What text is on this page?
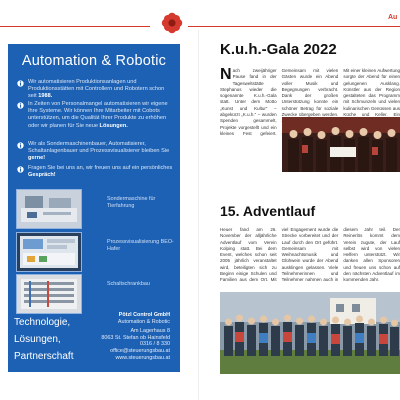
Au
Automation & Robotic
Wir automatisieren Produktionsanlagen und Produktionsstätten mit Controllern und Robotern schon seit 1988.
In Zeiten von Personalmangel automatisieren wir eigene Ihre Systeme. Wir können Ihre Mitarbeiter mit Cobots unterstützen, um die Qualität Ihrer Produkte zu erhöhen oder wir planen für Sie neue Lösungen.
Wir als Sondermaschinenbauer, Automatisierer, Schaltanlagenbauer und Prozessvisualisierer bleiben Sie gerne!
Fragen Sie bei uns an, wir freuen uns auf ein persönliches Gespräch!
Sondermaschine für Tierfahrung
Prozessvisualisierung BEO-Hafer
Schaltschrankbau
Technologie,
Lösungen,
Partnerschaft
Pötzl Control GmbH
Automation & Robotic
Am Lagerhaus 8
8063 St. Stefan ob Hainsfeld
0316 / 8 330
office@steuerungsbau.at
www.steuerungsbau.at
K.u.h.-Gala 2022
Nach zweijähriger Pause fand in der Tagesweltstätte Stephanus wieder die sogenannte K.u.h.-Gala statt. Unter dem Motto „Kunst und Kultur“ – abgekürzt „K.u.h.“ – wurden Spenden gesammelt, Projekte vorgestellt und ein kleines Fest gefeiert. Gemeinsam mit vielen Gästen wurde ein Abend voller Musik und Begegnungen verbracht. Dank der großen Unterstützung konnte ein schöner Betrag für soziale Zwecke übergeben werden. Mit einer kleinen Aufwertung sorgte der Abend für einen gelungenen Ausklang. Künstler aus der Region gestalteten das Programm mit Schmunzeln und vielen kulinarischen Genüssen aus Küche und Keller. Ein
15. Adventlauf
Heuer fand am 26. November der alljährliche Adventlauf vom Verein Kolping statt. Bei dem Event, welches schon seit 2005 jährlich veranstaltet wird, beteiligten sich zu Beginn einige Schulen und Familien aus dem Ort. Mit viel Engagement wurde die Strecke vorbereitet und der Lauf durch den Ort geführt. Gemeinsam mit Weihnachtsmusik und Glühwein wurde der Abend ausklingen gelassen. Viele Teilnehmerinnen und Teilnehmer nahmen auch in diesem Jahr teil. Der Reinerlös kommt dem Verein zugute, der Lauf selbst wird von vielen Helfern unterstützt. Wir danken allen Sponsoren und freuen uns schon auf den nächsten Adventlauf im kommenden Jahr.
